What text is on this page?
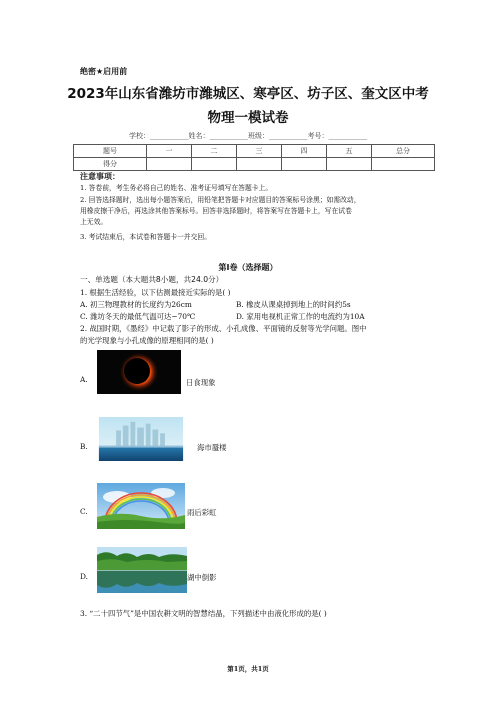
绝密★启用前
2023年山东省潍坊市潍城区、寒亭区、坊子区、奎文区中考
物理一模试卷
学校：___________姓名：___________班级：___________考号：___________
题号	一	二	三	四	五	总分
得分						
注意事项：
1. 答卷前，考生务必将自己的姓名、准考证号填写在答题卡上。
2. 回答选择题时，选出每小题答案后，用铅笔把答题卡对应题目的答案标号涂黑；如需改动，
用橡皮擦干净后，再选涂其他答案标号。回答非选择题时，将答案写在答题卡上，写在试卷
上无效。
3. 考试结束后，本试卷和答题卡一并交回。
第I卷（选择题）
一、单选题（本大题共8小题，共24.0分）
1. 根据生活经验，以下估测最接近实际的是( )
A. 初三物理教材的长度约为26cm	B. 橡皮从课桌掉到地上的时间约5s
C. 潍坊冬天的最低气温可达−70℃	D. 家用电视机正常工作的电流约为10A
2. 战国时期，《墨经》中记载了影子的形成、小孔成像、平面镜的反射等光学问题。图中
的光学现象与小孔成像的原理相同的是( )
A.	日食现象
B.	海市蜃楼
C.	雨后彩虹
D.	湖中倒影
3. “二十四节气”是中国农耕文明的智慧结晶，下列描述中由液化形成的是( )
第1页，共1页
